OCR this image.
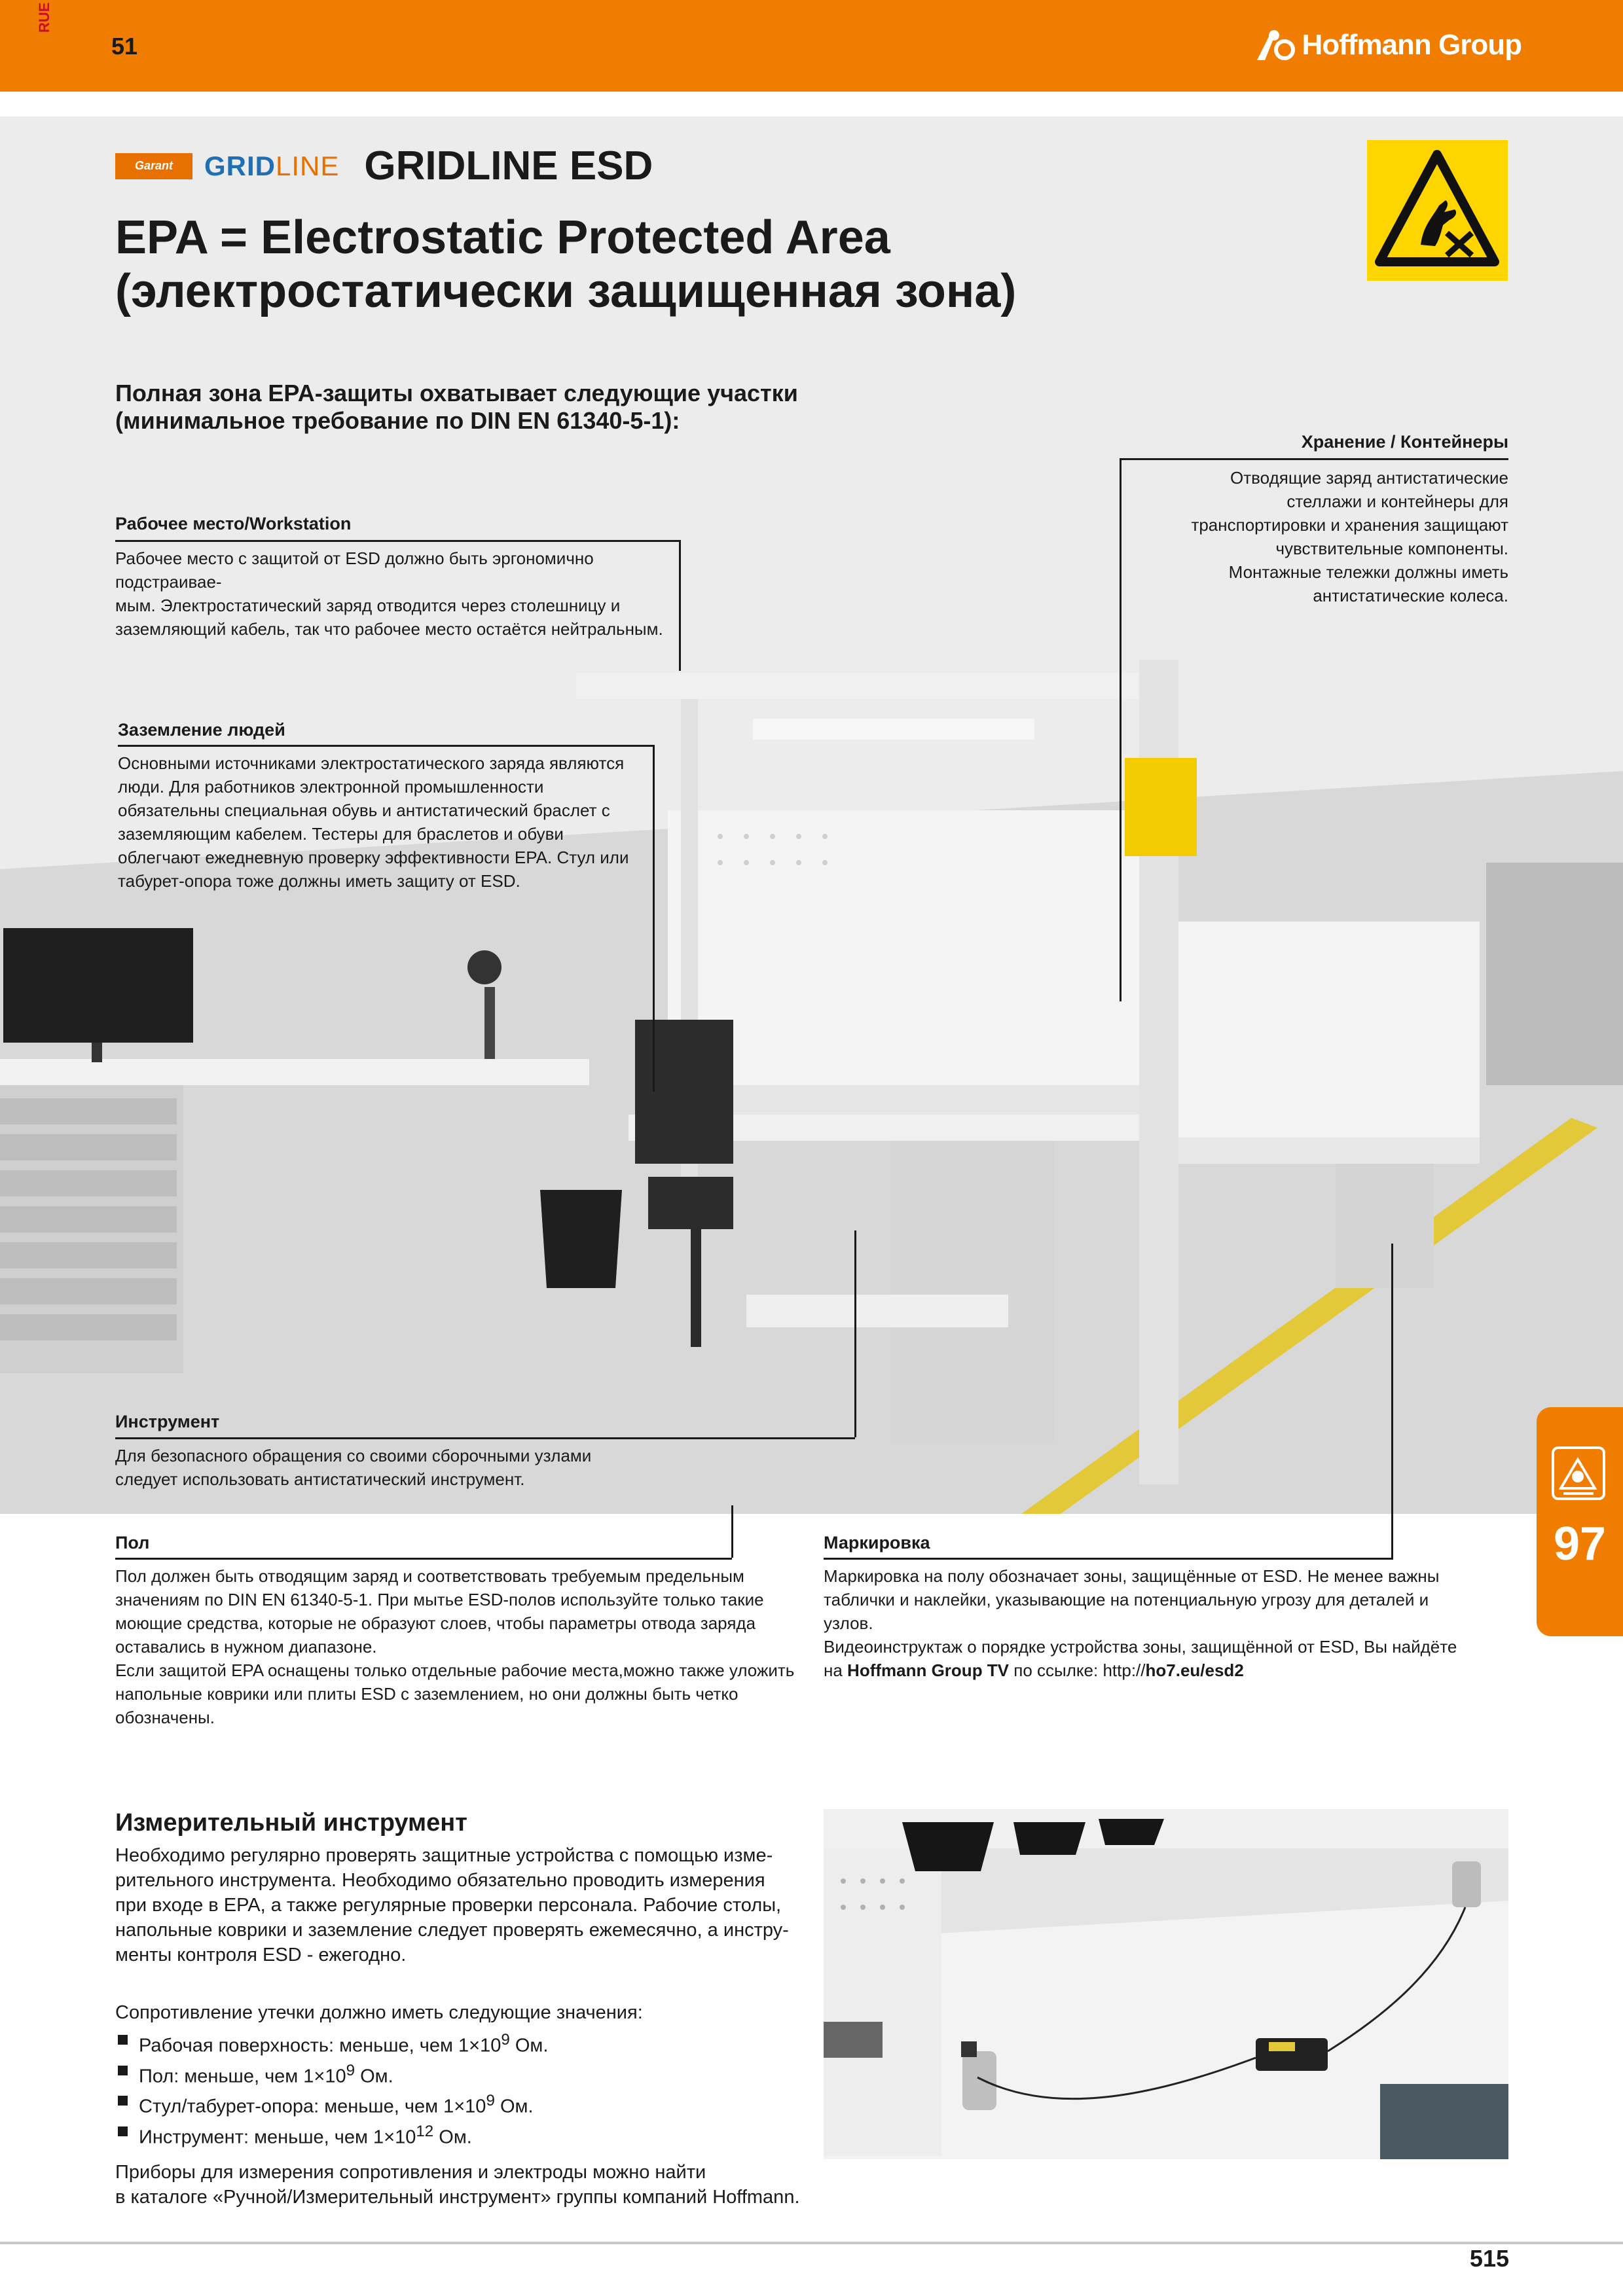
RUE
51	Hoffmann Group
Garant	GRIDLINE GRIDLINE ESD
EPA = Electrostatic Protected Area
(электростатически защищенная зона)
Полная зона EPA-защиты охватывает следующие участки
(минимальное требование по DIN EN 61340-5-1):
Хранение / Контейнеры
Отводящие заряд антистатические
стеллажи и контейнеры для
транспортировки и хранения защищают
чувствительные компоненты.
Монтажные тележки должны иметь
антистатические колеса.
Рабочее место/Workstation
Рабочее место с защитой от ESD должно быть эргономично подстраивае-
мым. Электростатический заряд отводится через столешницу и
заземляющий кабель, так что рабочее место остаётся нейтральным.
Заземление людей
Основными источниками электростатического заряда являются
люди. Для работников электронной промышленности
обязательны специальная обувь и антистатический браслет с
заземляющим кабелем. Тестеры для браслетов и обуви
облегчают ежедневную проверку эффективности EPA. Стул или
табурет-опора тоже должны иметь защиту от ESD.
Инструмент
Для безопасного обращения со своими сборочными узлами
следует использовать антистатический инструмент.
Пол
Пол должен быть отводящим заряд и соответствовать требуемым предельным
значениям по DIN EN 61340-5-1. При мытье ESD-полов используйте только такие
моющие средства, которые не образуют слоев, чтобы параметры отвода заряда
оставались в нужном диапазоне.
Если защитой EPA оснащены только отдельные рабочие места,можно также уложить
напольные коврики или плиты ESD с заземлением, но они должны быть четко
обозначены.
Маркировка
Маркировка на полу обозначает зоны, защищённые от ESD. Не менее важны
таблички и наклейки, указывающие на потенциальную угрозу для деталей и
узлов.
Видеоинструктаж о порядке устройства зоны, защищённой от ESD, Вы найдёте
на Hoffmann Group TV по ссылке: http://ho7.eu/esd2
Измерительный инструмент
Необходимо регулярно проверять защитные устройства с помощью изме-
рительного инструмента. Необходимо обязательно проводить измерения
при входе в EPA, а также регулярные проверки персонала. Рабочие столы,
напольные коврики и заземление следует проверять ежемесячно, а инстру-
менты контроля ESD - ежегодно.
Сопротивление утечки должно иметь следующие значения:
Рабочая поверхность: меньше, чем $1\times 10^9$ Ом.
Пол: меньше, чем $1\times 10^9$ Ом.
Стул/табурет-опора: меньше, чем $1\times 10^9$ Ом.
Инструмент: меньше, чем $1\times 10^{12}$ Ом.
Приборы для измерения сопротивления и электроды можно найти
в каталоге «Ручной/Измерительный инструмент» группы компаний Hoffmann.
97
515
